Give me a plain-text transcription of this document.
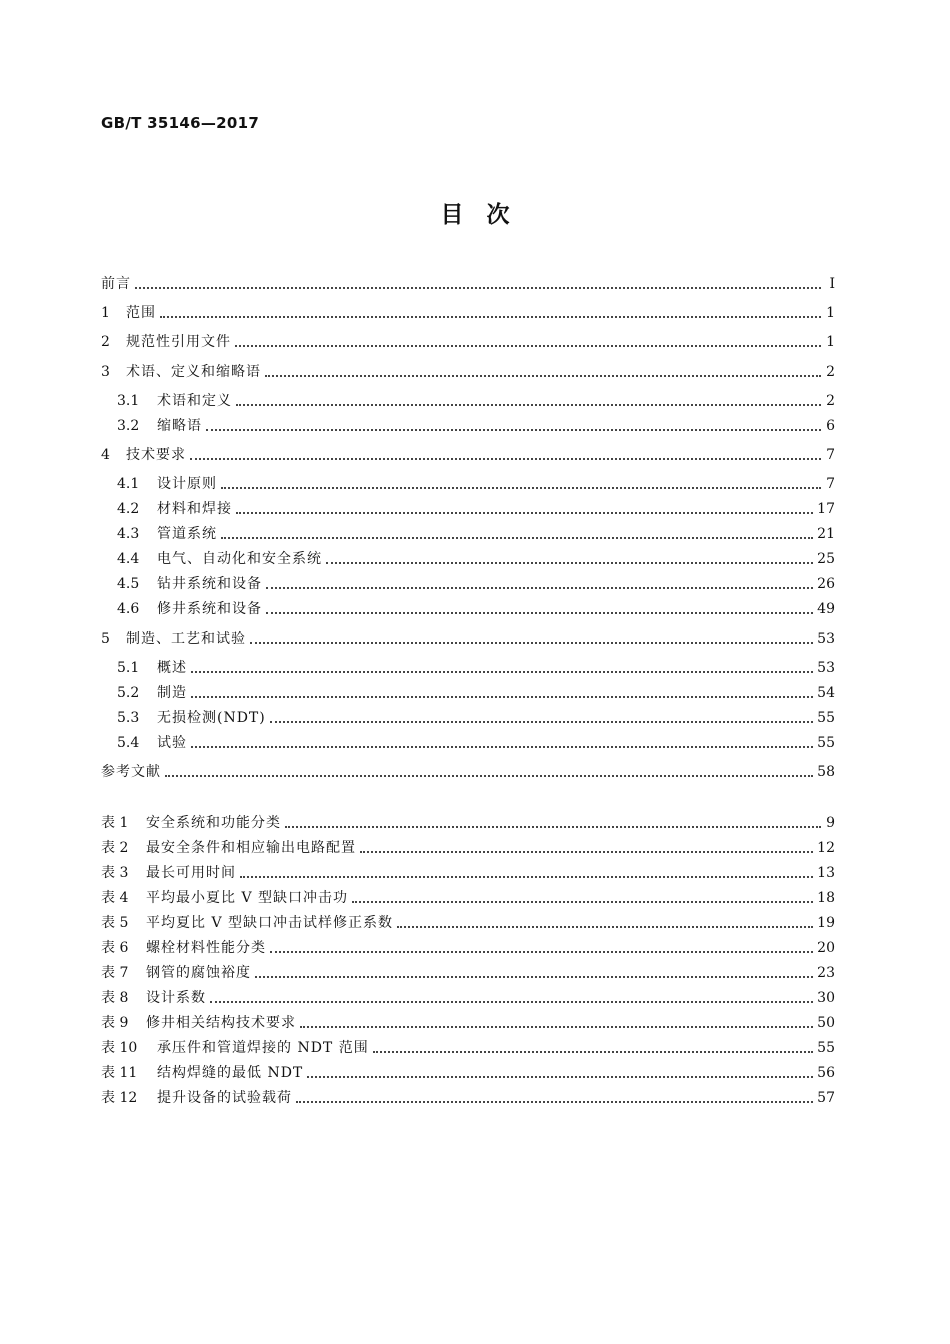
GB/T 35146—2017
目　次
前言	Ⅰ
1	范围	1
2	规范性引用文件	1
3	术语、定义和缩略语	2
3.1	术语和定义	2
3.2	缩略语	6
4	技术要求	7
4.1	设计原则	7
4.2	材料和焊接	17
4.3	管道系统	21
4.4	电气、自动化和安全系统	25
4.5	钻井系统和设备	26
4.6	修井系统和设备	49
5	制造、工艺和试验	53
5.1	概述	53
5.2	制造	54
5.3	无损检测(NDT)	55
5.4	试验	55
参考文献	58
表 1	安全系统和功能分类	9
表 2	最安全条件和相应输出电路配置	12
表 3	最长可用时间	13
表 4	平均最小夏比 V 型缺口冲击功	18
表 5	平均夏比 V 型缺口冲击试样修正系数	19
表 6	螺栓材料性能分类	20
表 7	钢管的腐蚀裕度	23
表 8	设计系数	30
表 9	修井相关结构技术要求	50
表 10	承压件和管道焊接的 NDT 范围	55
表 11	结构焊缝的最低 NDT	56
表 12	提升设备的试验载荷	57
